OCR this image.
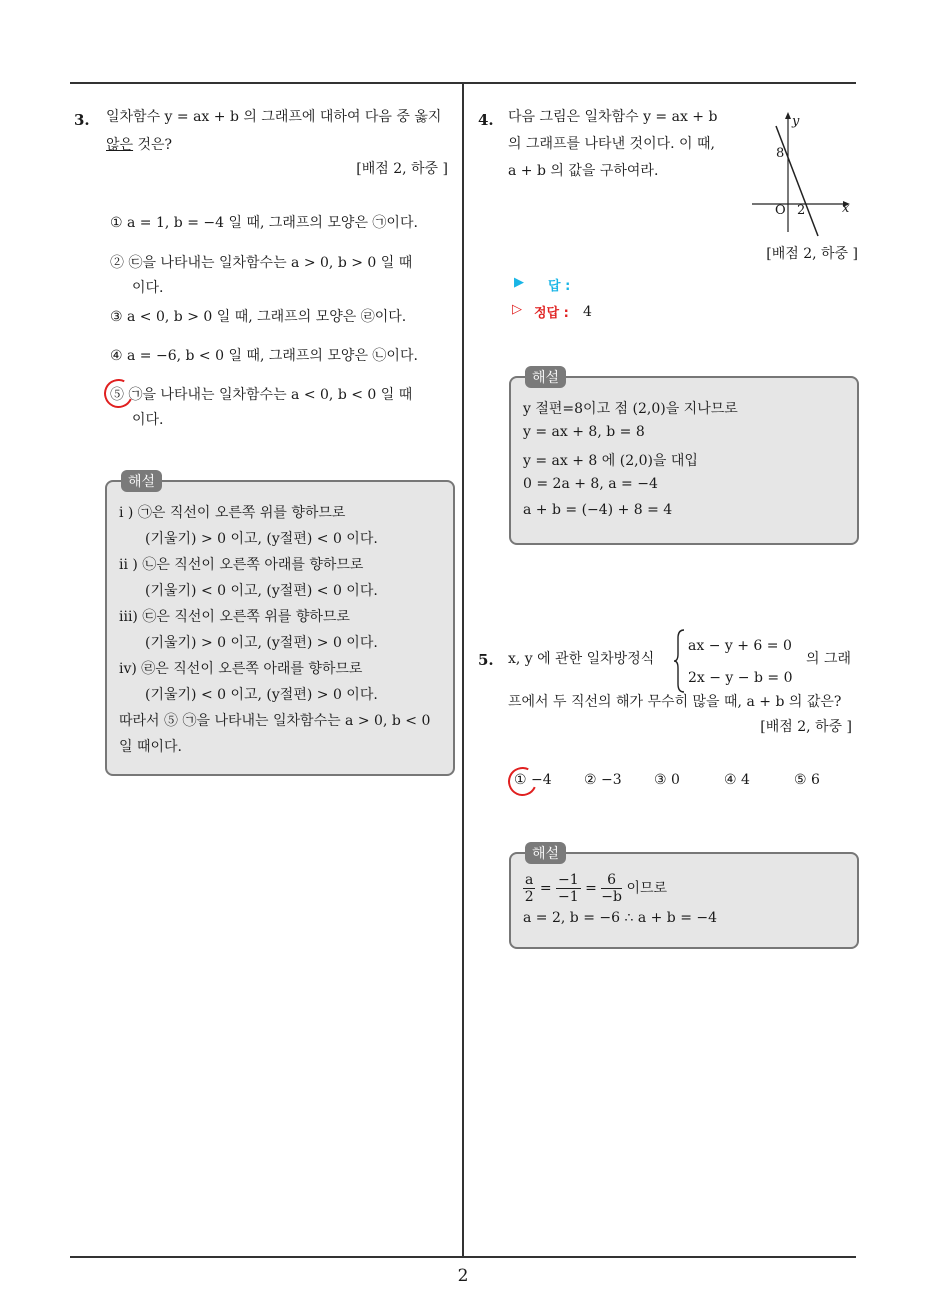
2
3. 일차함수 y = ax + b 의 그래프에 대하여 다음 중 옳지
않은 것은?
[배점 2, 하중 ]
① a = 1, b = −4 일 때, 그래프의 모양은 ㉠이다.
② ㉢을 나타내는 일차함수는 a > 0, b > 0 일 때
이다.
③ a < 0, b > 0 일 때, 그래프의 모양은 ㉣이다.
④ a = −6, b < 0 일 때, 그래프의 모양은 ㉡이다.
⑤ ㉠을 나타내는 일차함수는 a < 0, b < 0 일 때
이다.
해설
i ) ㉠은 직선이 오른쪽 위를 향하므로
(기울기) > 0 이고, (y절편) < 0 이다.
ii ) ㉡은 직선이 오른쪽 아래를 향하므로
(기울기) < 0 이고, (y절편) < 0 이다.
iii) ㉢은 직선이 오른쪽 위를 향하므로
(기울기) > 0 이고, (y절편) > 0 이다.
iv) ㉣은 직선이 오른쪽 아래를 향하므로
(기울기) < 0 이고, (y절편) > 0 이다.
따라서 ⑤ ㉠을 나타내는 일차함수는 a > 0, b < 0
일 때이다.
4. 다음 그림은 일차함수 y = ax + b
의 그래프를 나타낸 것이다. 이 때,
a + b 의 값을 구하여라.
y
x
8
O 2
[배점 2, 하중 ]
▶ 답 :
▷ 정답 : 4
해설
y 절편=8이고 점 (2,0)을 지나므로
y = ax + 8, b = 8
y = ax + 8 에 (2,0)을 대입
0 = 2a + 8, a = −4
a + b = (−4) + 8 = 4
5. x, y 에 관한 일차방정식
ax − y + 6 = 0
2x − y − b = 0
의 그래
프에서 두 직선의 해가 무수히 많을 때, a + b 의 값은?
[배점 2, 하중 ]
① −4 ② −3 ③ 0	④ 4	⑤ 6
해설
$\frac{a}{2} = \frac{-1}{-1} = \frac{6}{-b}$ 이므로
a = 2, b = −6 ∴ a + b = −4
